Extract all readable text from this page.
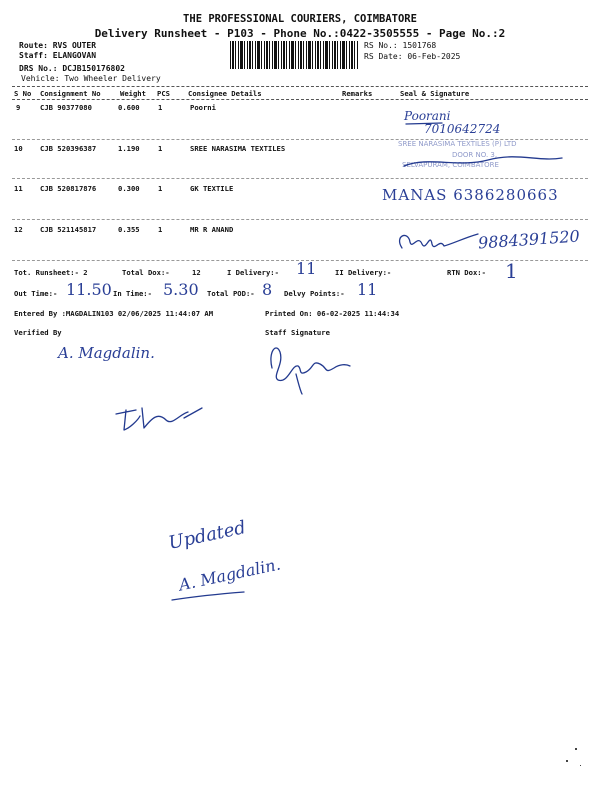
THE PROFESSIONAL COURIERS, COIMBATORE
Delivery Runsheet - P103 - Phone No.:0422-3505555 - Page No.:2
Route: RVS OUTER
Staff: ELANGOVAN
DRS No.: DCJB150176802
Vehicle: Two Wheeler Delivery
RS No.: 1501768
RS Date: 06-Feb-2025
S No Consignment No	Weight PCS	Consignee Details	Remarks	Seal & Signature
9	CJB 90377080	0.600	1	Poorni
10 CJB 520396387	1.190	1	SREE NARASIMA TEXTILES
11 CJB 520817876	0.300	1	GK TEXTILE
12 CJB 521145817	0.355	1	MR R ANAND
Tot. Runsheet:- 2	Total Dox:-	12	I Delivery:-	II Delivery:-	RTN Dox:-
Out Time:-	In Time:-	Total POD:-	Delvy Points:-
Entered By :MAGDALIN103 02/06/2025 11:44:07 AM	Printed On: 06-02-2025 11:44:34
Verified By	Staff Signature
Poorani
7010642724
SREE NARASIMA TEXTILES (P) LTD
DOOR NO. 3,
SELVAPURAM, COIMBATORE
MANAS 6386280663
9884391520
11	1
11.50	5.30	8	11
A. Magdalin.
Updated
A. Magdalin.
